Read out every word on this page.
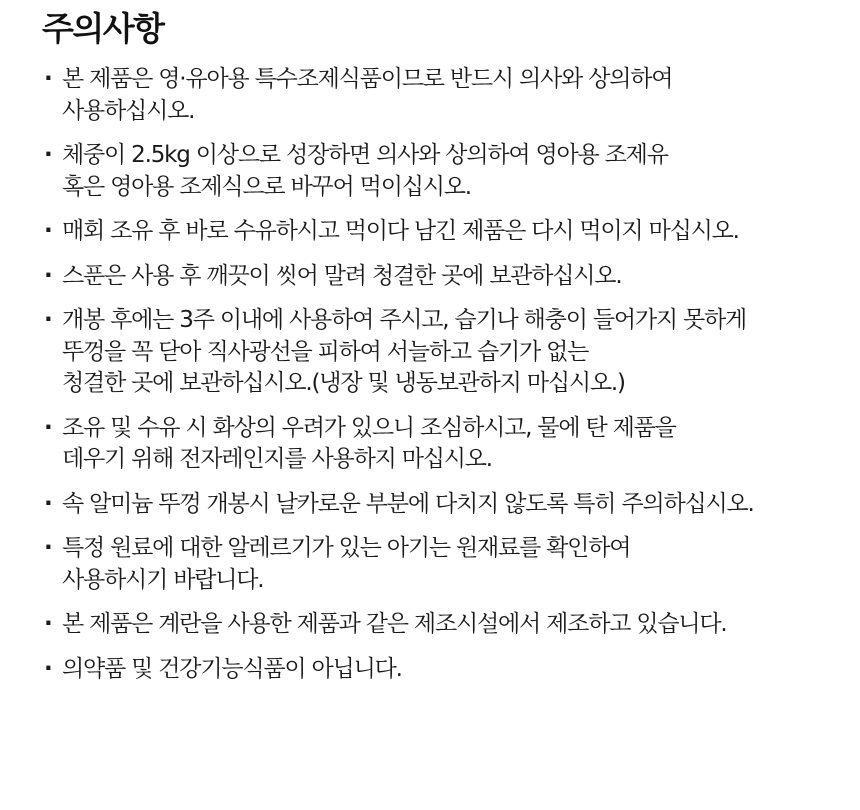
주의사항
· 본 제품은 영·유아용 특수조제식품이므로 반드시 의사와 상의하여
사용하십시오.
· 체중이 2.5kg 이상으로 성장하면 의사와 상의하여 영아용 조제유
혹은 영아용 조제식으로 바꾸어 먹이십시오.
· 매회 조유 후 바로 수유하시고 먹이다 남긴 제품은 다시 먹이지 마십시오.
· 스푼은 사용 후 깨끗이 씻어 말려 청결한 곳에 보관하십시오.
· 개봉 후에는 3주 이내에 사용하여 주시고, 습기나 해충이 들어가지 못하게
뚜껑을 꼭 닫아 직사광선을 피하여 서늘하고 습기가 없는
청결한 곳에 보관하십시오.(냉장 및 냉동보관하지 마십시오.)
· 조유 및 수유 시 화상의 우려가 있으니 조심하시고, 물에 탄 제품을
데우기 위해 전자레인지를 사용하지 마십시오.
· 속 알미늄 뚜껑 개봉시 날카로운 부분에 다치지 않도록 특히 주의하십시오.
· 특정 원료에 대한 알레르기가 있는 아기는 원재료를 확인하여
사용하시기 바랍니다.
· 본 제품은 계란을 사용한 제품과 같은 제조시설에서 제조하고 있습니다.
· 의약품 및 건강기능식품이 아닙니다.
